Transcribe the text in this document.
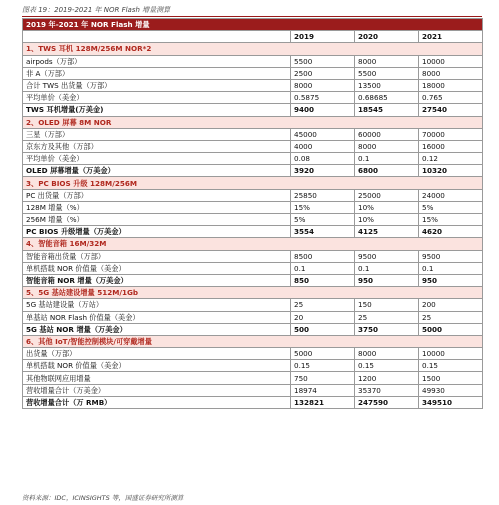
图表 19：2019-2021 年 NOR Flash 增量测算
2019 年-2021 年 NOR Flash 增量			
	2019	2020	2021
1、TWS 耳机 128M/256M NOR*2			
airpods（万部）	5500	8000	10000
非 A（万部）	2500	5500	8000
合计 TWS 出货量（万部）	8000	13500	18000
平均单价（美金）	0.5875	0.68685	0.765
TWS 耳机增量(万美金)	9400	18545	27540
2、OLED 屏幕 8M NOR			
三星（万部）	45000	60000	70000
京东方及其他（万部）	4000	8000	16000
平均单价（美金）	0.08	0.1	0.12
OLED 屏幕增量（万美金）	3920	6800	10320
3、PC BIOS 升级 128M/256M			
PC 出货量（万部）	25850	25000	24000
128M 增量（%）	15%	10%	5%
256M 增量（%）	5%	10%	15%
PC BIOS 升级增量（万美金）	3554	4125	4620
4、智能音箱 16M/32M			
智能音箱出货量（万部）	8500	9500	9500
单机搭载 NOR 价值量（美金）	0.1	0.1	0.1
智能音箱 NOR 增量（万美金）	850	950	950
5、5G 基站建设增量 512M/1Gb			
5G 基站建设量（万站）	25	150	200
单基站 NOR Flash 价值量（美金）	20	25	25
5G 基站 NOR 增量（万美金）	500	3750	5000
6、其他 IoT/智能控制模块/可穿戴增量			
出货量（万部）	5000	8000	10000
单机搭载 NOR 价值量（美金）	0.15	0.15	0.15
其他物联网应用增量	750	1200	1500
营收增量合计（万美金）	18974	35370	49930
营收增量合计（万 RMB）	132821	247590	349510
资料来源：IDC，ICINSIGHTS 等，国盛证券研究所测算
